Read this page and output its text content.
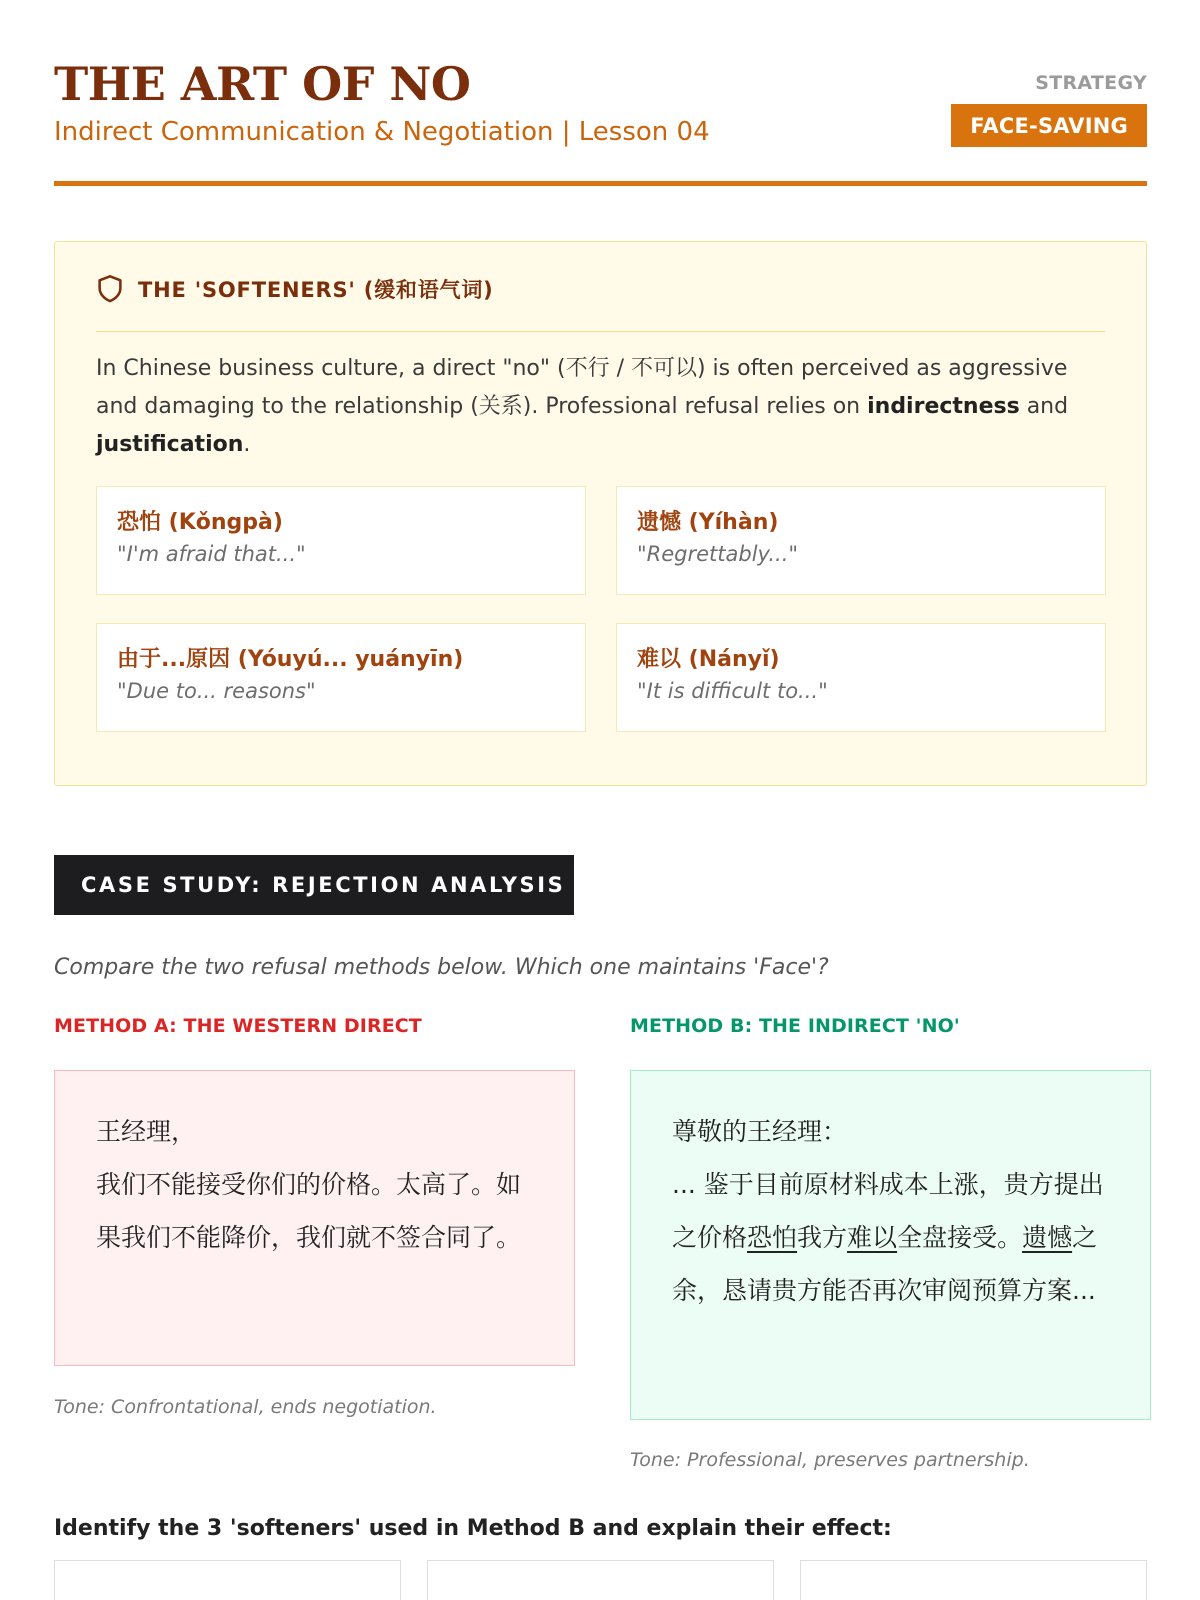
THE ART OF NO
Indirect Communication & Negotiation | Lesson 04
STRATEGY
FACE-SAVING
THE 'SOFTENERS' (缓和语气词)

In Chinese business culture, a direct "no" (不行 / 不可以) is often perceived as aggressive and damaging to the relationship (关系). Professional refusal relies on indirectness and justification.

恐怕 (Kǒngpà)
"I'm afraid that..."
遗憾 (Yíhàn)
"Regrettably..."
由于...原因 (Yóuyú... yuányīn)
"Due to... reasons"
难以 (Nányǐ)
"It is difficult to..."
CASE STUDY: REJECTION ANALYSIS
Compare the two refusal methods below. Which one maintains 'Face'?
METHOD A: THE WESTERN DIRECT	METHOD B: THE INDIRECT 'NO'
王经理，
我们不能接受你们的价格。太高了。如果我们不能降价，我们就不签合同了。
尊敬的王经理：
... 鉴于目前原材料成本上涨，贵方提出之价格恐怕我方难以全盘接受。遗憾之余，恳请贵方能否再次审阅预算方案...
Tone: Confrontational, ends negotiation.
Tone: Professional, preserves partnership.
Identify the 3 'softeners' used in Method B and explain their effect:
